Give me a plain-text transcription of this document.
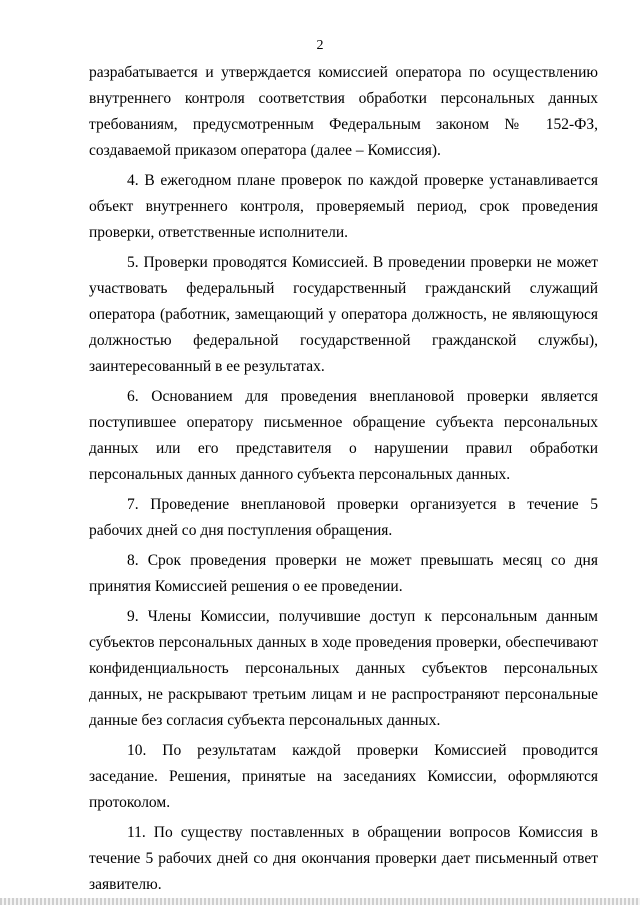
2

разрабатывается и утверждается комиссией оператора по осуществлению внутреннего контроля соответствия обработки персональных данных требованиям, предусмотренным Федеральным законом № 152-ФЗ, создаваемой приказом оператора (далее – Комиссия).

4. В ежегодном плане проверок по каждой проверке устанавливается объект внутреннего контроля, проверяемый период, срок проведения проверки, ответственные исполнители.

5. Проверки проводятся Комиссией. В проведении проверки не может участвовать федеральный государственный гражданский служащий оператора (работник, замещающий у оператора должность, не являющуюся должностью федеральной государственной гражданской службы), заинтересованный в ее результатах.

6. Основанием для проведения внеплановой проверки является поступившее оператору письменное обращение субъекта персональных данных или его представителя о нарушении правил обработки персональных данных данного субъекта персональных данных.

7. Проведение внеплановой проверки организуется в течение 5 рабочих дней со дня поступления обращения.

8. Срок проведения проверки не может превышать месяц со дня принятия Комиссией решения о ее проведении.

9. Члены Комиссии, получившие доступ к персональным данным субъектов персональных данных в ходе проведения проверки, обеспечивают конфиденциальность персональных данных субъектов персональных данных, не раскрывают третьим лицам и не распространяют персональные данные без согласия субъекта персональных данных.

10. По результатам каждой проверки Комиссией проводится заседание. Решения, принятые на заседаниях Комиссии, оформляются протоколом.

11. По существу поставленных в обращении вопросов Комиссия в течение 5 рабочих дней со дня окончания проверки дает письменный ответ заявителю.
